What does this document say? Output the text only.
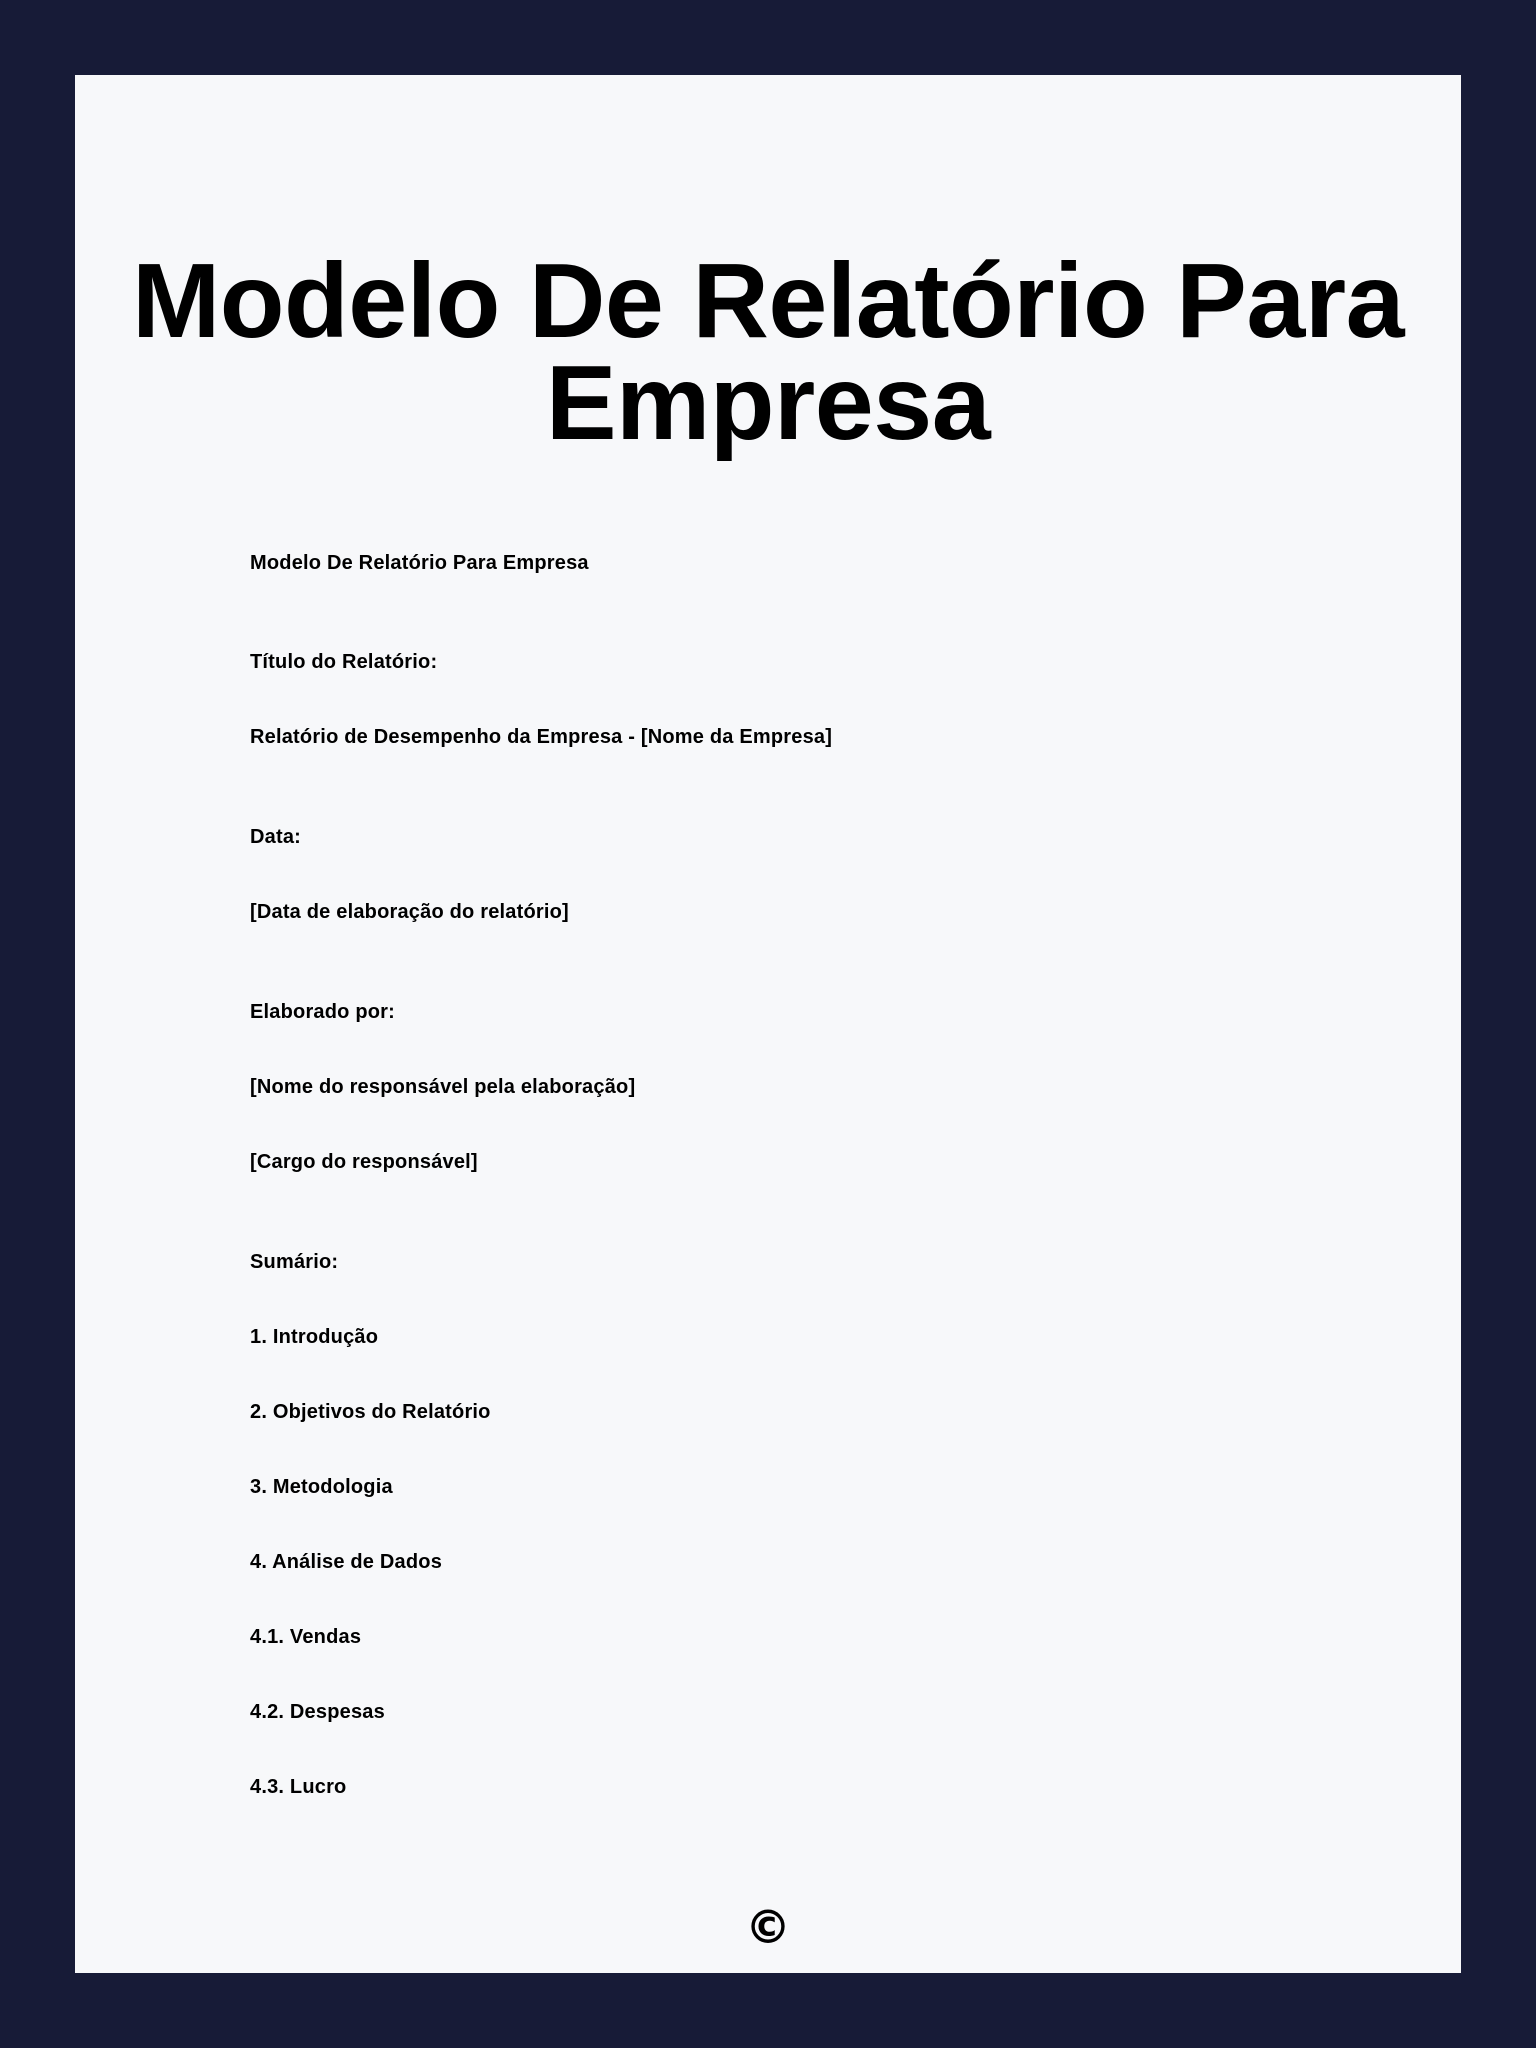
Modelo De Relatório Para Empresa
Modelo De Relatório Para Empresa
Título do Relatório:
Relatório de Desempenho da Empresa - [Nome da Empresa]
Data:
[Data de elaboração do relatório]
Elaborado por:
[Nome do responsável pela elaboração]
[Cargo do responsável]
Sumário:
1. Introdução
2. Objetivos do Relatório
3. Metodologia
4. Análise de Dados
4.1. Vendas
4.2. Despesas
4.3. Lucro
©
